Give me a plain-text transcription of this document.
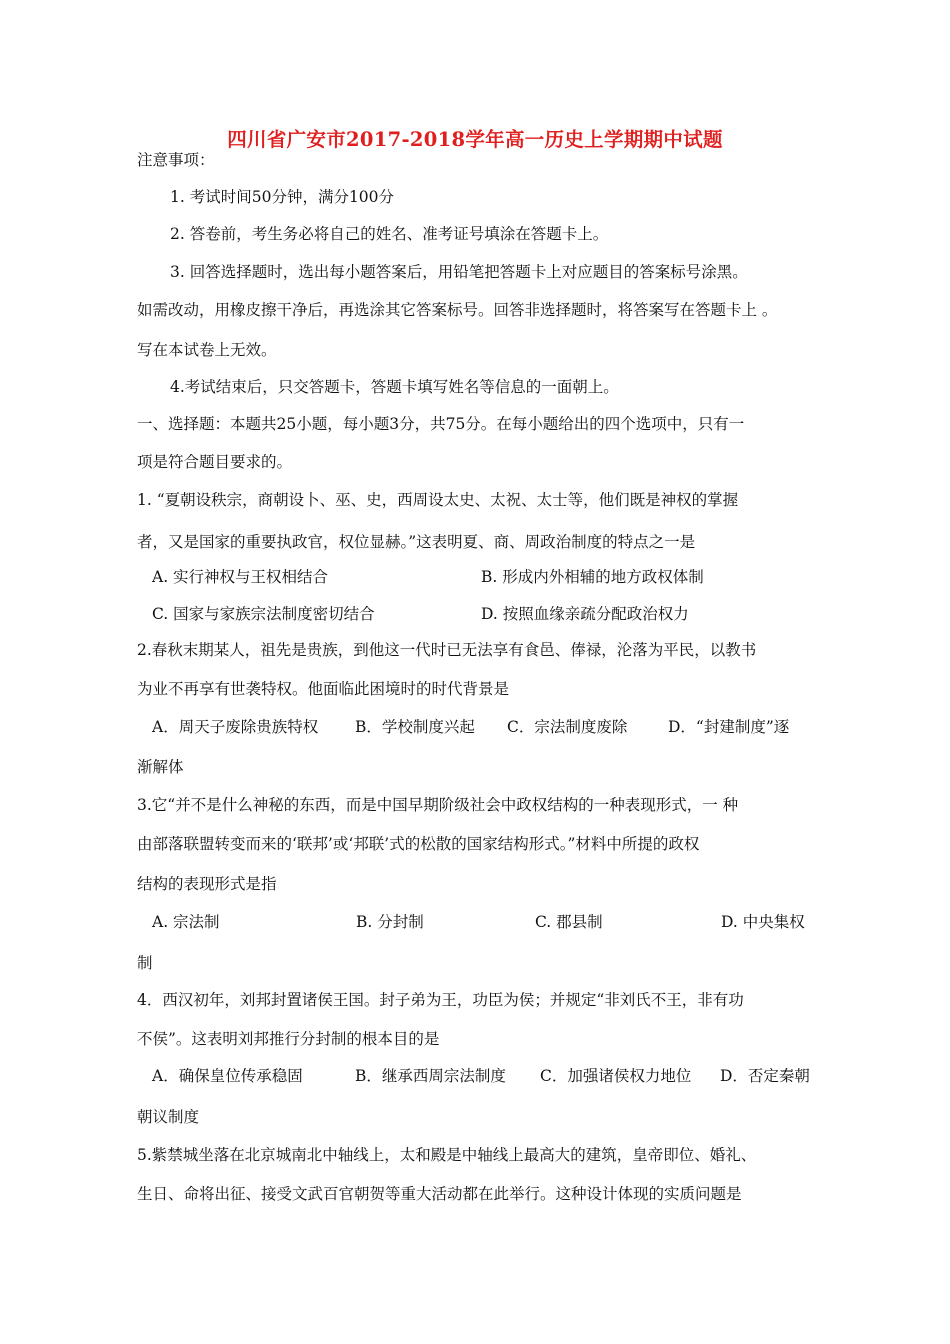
四川省广安市2017-2018学年高一历史上学期期中试题
注意事项：
1. 考试时间50分钟，满分100分
2. 答卷前，考生务必将自己的姓名、准考证号填涂在答题卡上。
3. 回答选择题时，选出每小题答案后，用铅笔把答题卡上对应题目的答案标号涂黑。
如需改动，用橡皮擦干净后，再选涂其它答案标号。回答非选择题时，将答案写在答题卡上 。
写在本试卷上无效。
4.考试结束后，只交答题卡，答题卡填写姓名等信息的一面朝上。
一、选择题：本题共25小题，每小题3分，共75分。在每小题给出的四个选项中，只有一
项是符合题目要求的。
1. “夏朝设秩宗，商朝设卜、巫、史，西周设太史、太祝、太士等，他们既是神权的掌握
者，又是国家的重要执政官，权位显赫。”这表明夏、商、周政治制度的特点之一是
A. 实行神权与王权相结合	B. 形成内外相辅的地方政权体制
C. 国家与家族宗法制度密切结合	D. 按照血缘亲疏分配政治权力
2.春秋末期某人，祖先是贵族，到他这一代时已无法享有食邑、俸禄，沦落为平民，以教书
为业不再享有世袭特权。他面临此困境时的时代背景是
A．周天子废除贵族特权 B．学校制度兴起 C．宗法制度废除	D．“封建制度”逐
渐解体
3.它“并不是什么神秘的东西，而是中国早期阶级社会中政权结构的一种表现形式，一 种
由部落联盟转变而来的‘联邦’或‘邦联’式的松散的国家结构形式。”材料中所提的政权
结构的表现形式是指
A. 宗法制	B. 分封制	C. 郡县制	D. 中央集权
制
4．西汉初年，刘邦封置诸侯王国。封子弟为王，功臣为侯；并规定“非刘氏不王，非有功
不侯”。这表明刘邦推行分封制的根本目的是
A．确保皇位传承稳固	B．继承西周宗法制度 C．加强诸侯权力地位 D．否定秦朝
朝议制度
5.紫禁城坐落在北京城南北中轴线上，太和殿是中轴线上最高大的建筑，皇帝即位、婚礼、
生日、命将出征、接受文武百官朝贺等重大活动都在此举行。这种设计体现的实质问题是
